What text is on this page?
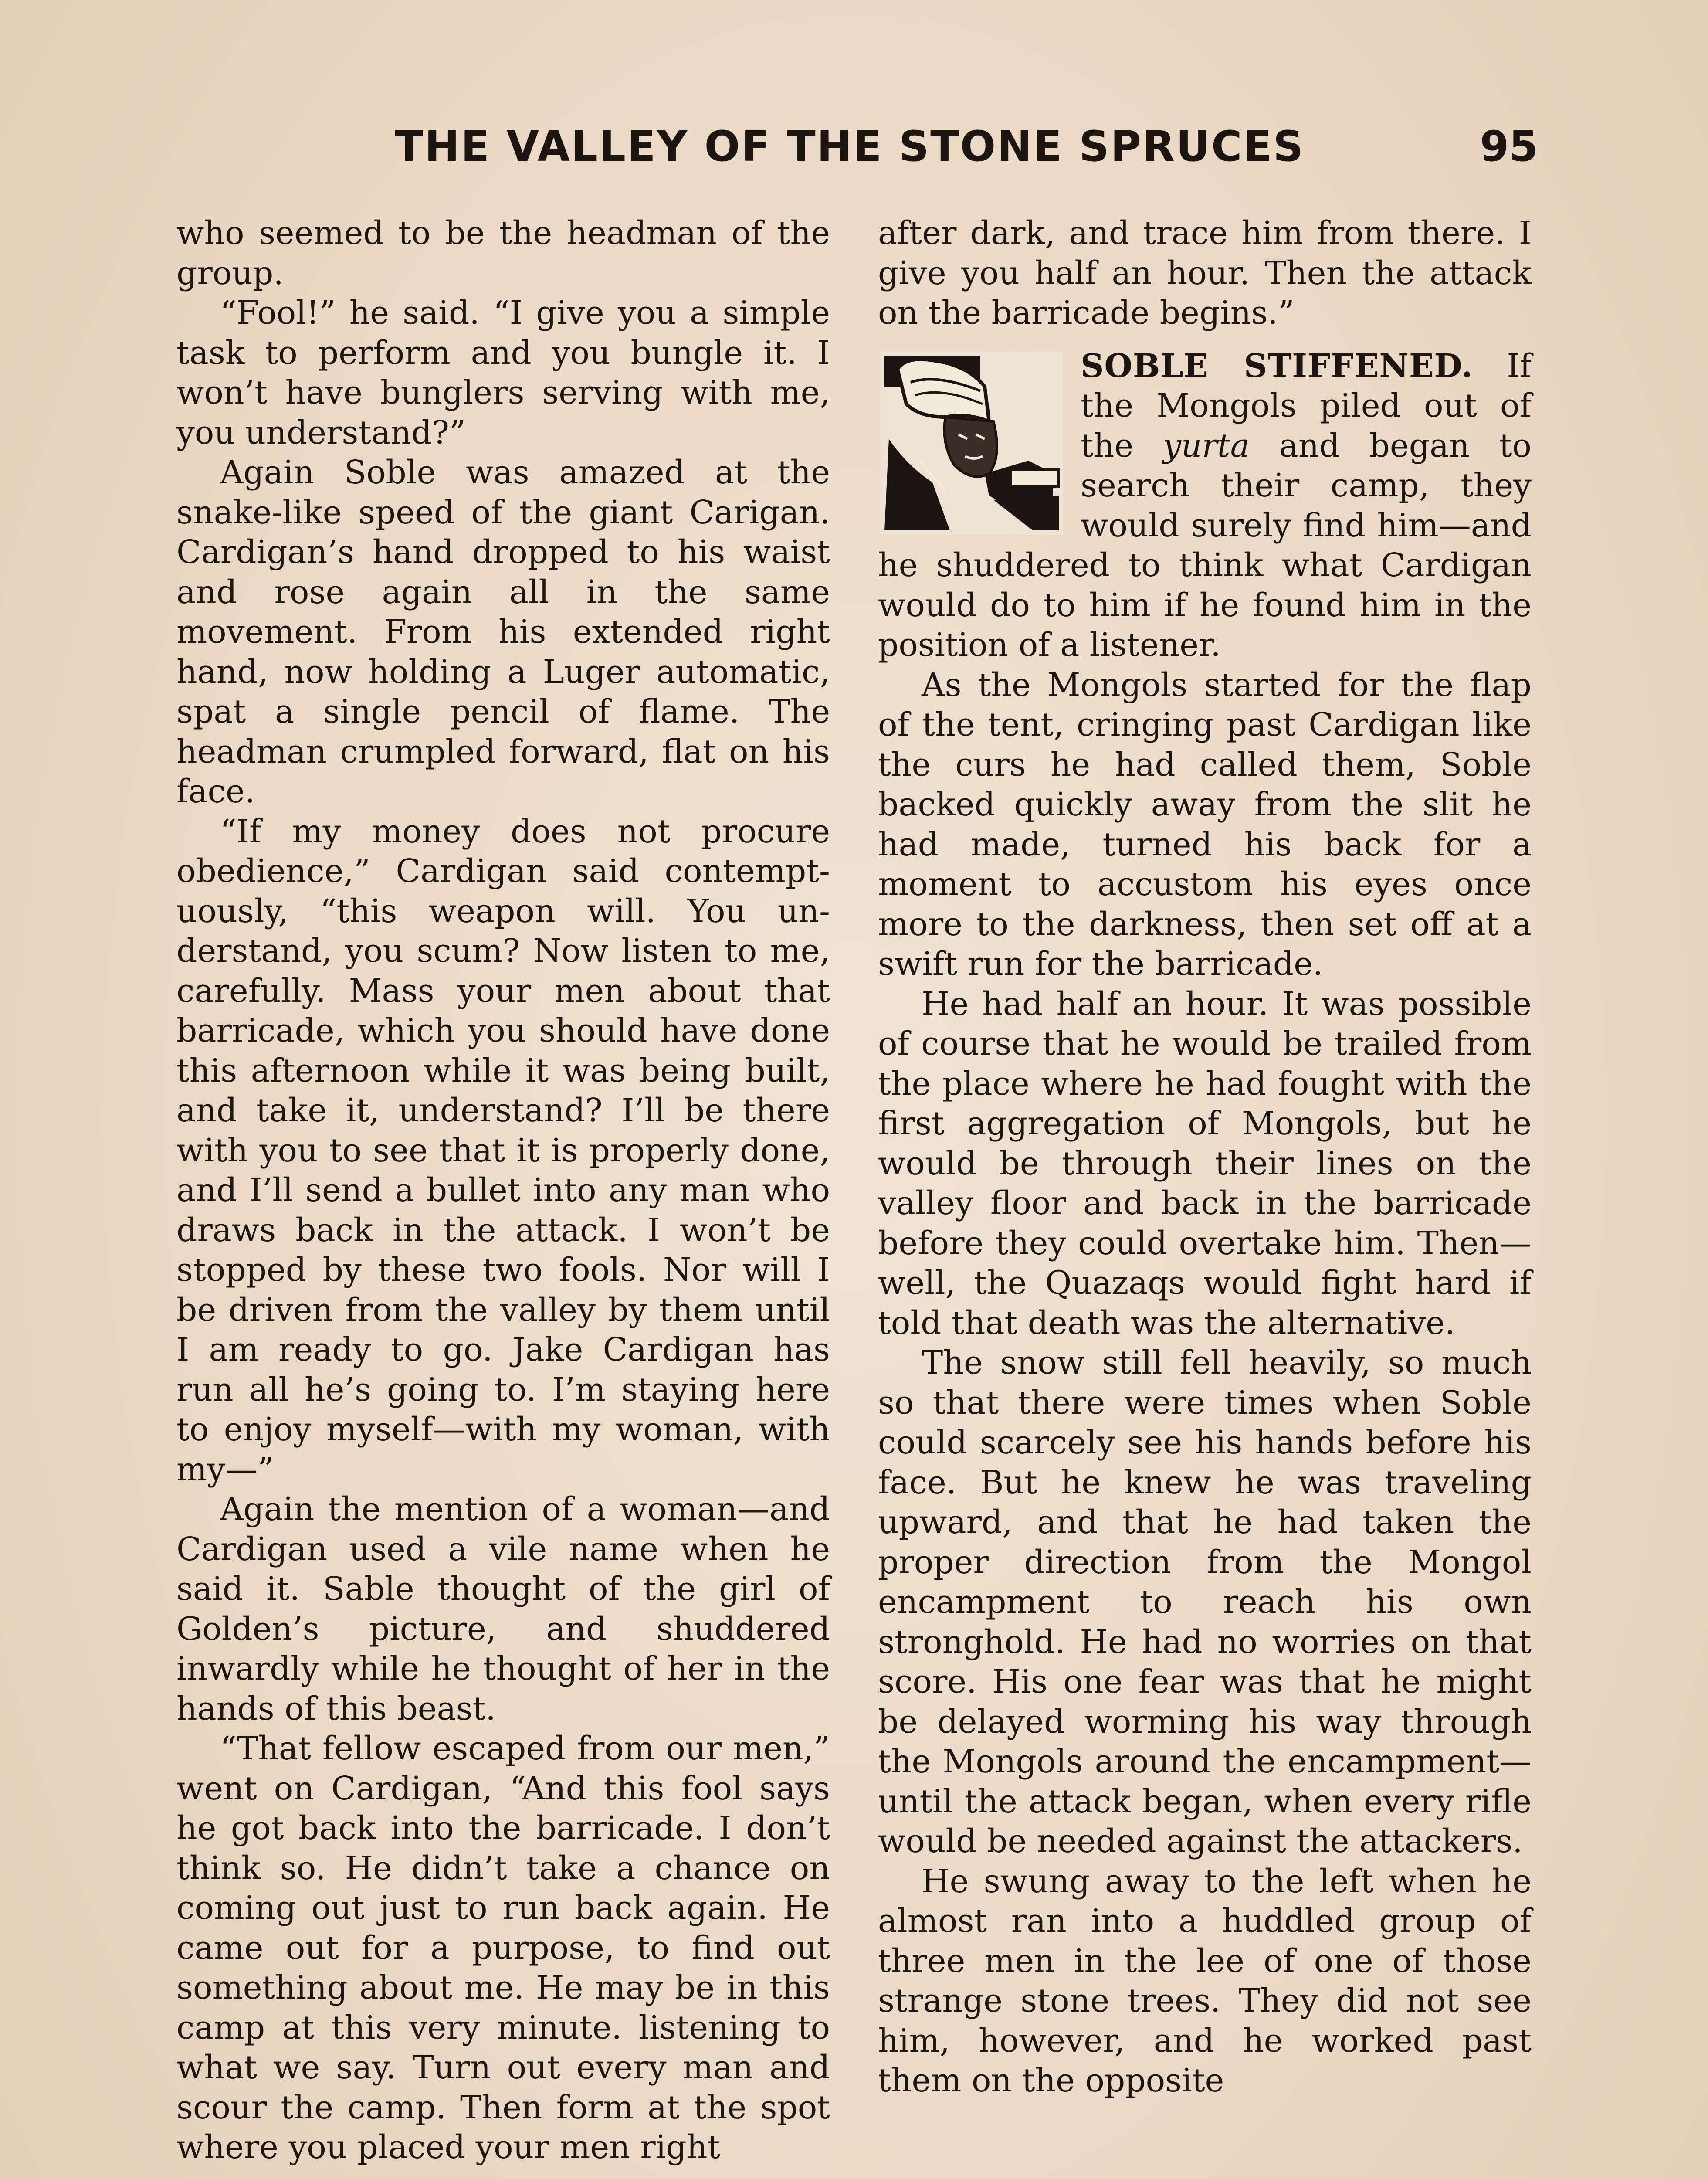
THE VALLEY OF THE STONE SPRUCES	95

who seemed to be the headman of the group.

“Fool!” he said. “I give you a simple task to perform and you bungle it. I won’t have bunglers serving with me, you understand?”

Again Soble was amazed at the snake-like speed of the giant Carigan. Cardigan’s hand dropped to his waist and rose again all in the same movement. From his extended right hand, now holding a Luger automatic, spat a single pencil of flame. The headman crumpled forward, flat on his face.

“If my money does not procure obedience,” Cardigan said contemptuously, “this weapon will. You understand, you scum? Now listen to me, carefully. Mass your men about that barricade, which you should have done this afternoon while it was being built, and take it, understand? I’ll be there with you to see that it is properly done, and I’ll send a bullet into any man who draws back in the attack. I won’t be stopped by these two fools. Nor will I be driven from the valley by them until I am ready to go. Jake Cardigan has run all he’s going to. I’m staying here to enjoy myself—with my woman, with my—”

Again the mention of a woman—and Cardigan used a vile name when he said it. Sable thought of the girl of Golden’s picture, and shuddered inwardly while he thought of her in the hands of this beast.

“That fellow escaped from our men,” went on Cardigan, “And this fool says he got back into the barricade. I don’t think so. He didn’t take a chance on coming out just to run back again. He came out for a purpose, to find out something about me. He may be in this camp at this very minute. listening to what we say. Turn out every man and scour the camp. Then form at the spot where you placed your men right

after dark, and trace him from there. I give you half an hour. Then the attack on the barricade begins.”

SOBLE STIFFENED. If the Mongols piled out of the yurta and began to search their camp, they would surely find him—and he shuddered to think what Cardigan would do to him if he found him in the position of a listener.

As the Mongols started for the flap of the tent, cringing past Cardigan like the curs he had called them, Soble backed quickly away from the slit he had made, turned his back for a moment to accustom his eyes once more to the darkness, then set off at a swift run for the barricade.

He had half an hour. It was possible of course that he would be trailed from the place where he had fought with the first aggregation of Mongols, but he would be through their lines on the valley floor and back in the barricade before they could overtake him. Then—well, the Quazaqs would fight hard if told that death was the alternative.

The snow still fell heavily, so much so that there were times when Soble could scarcely see his hands before his face. But he knew he was traveling upward, and that he had taken the proper direction from the Mongol encampment to reach his own stronghold. He had no worries on that score. His one fear was that he might be delayed worming his way through the Mongols around the encampment—until the attack began, when every rifle would be needed against the attackers.

He swung away to the left when he almost ran into a huddled group of three men in the lee of one of those strange stone trees. They did not see him, however, and he worked past them on the opposite
